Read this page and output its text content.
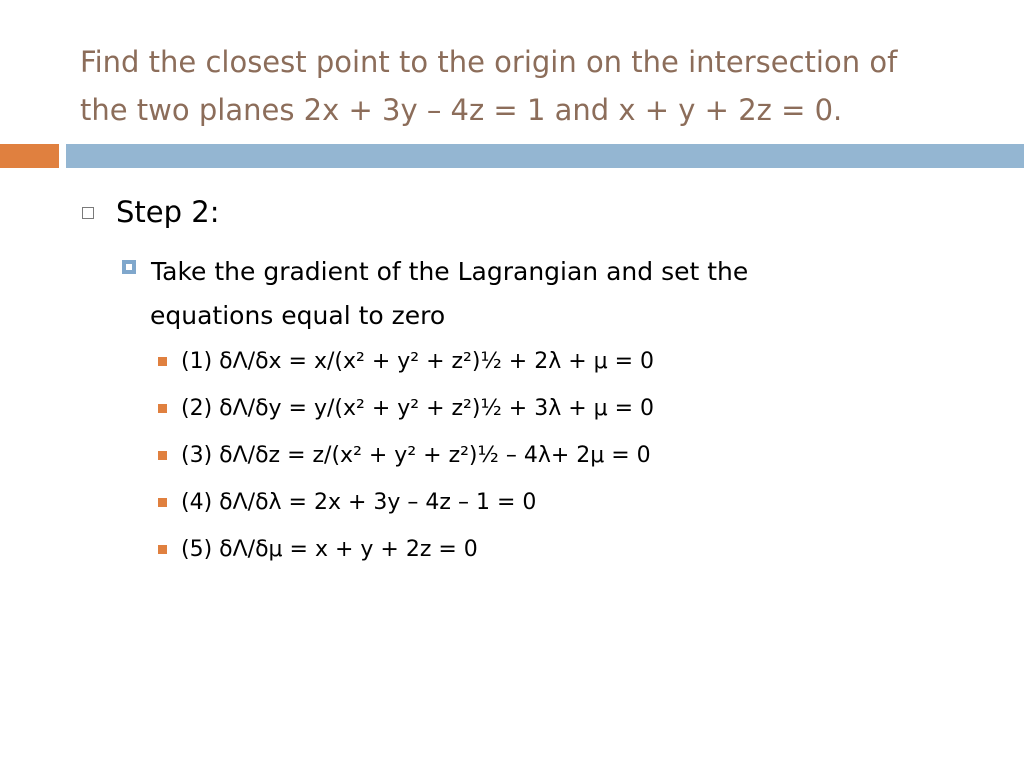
Find the closest point to the origin on the intersection of
the two planes 2x + 3y – 4z = 1 and x + y + 2z = 0.
Step 2:
Take the gradient of the Lagrangian and set the
equations equal to zero
(1) δΛ/δx = x/(x² + y² + z²)½ + 2λ + μ = 0
(2) δΛ/δy = y/(x² + y² + z²)½ + 3λ + μ = 0
(3) δΛ/δz = z/(x² + y² + z²)½ – 4λ+ 2μ = 0
(4) δΛ/δλ = 2x + 3y – 4z – 1 = 0
(5) δΛ/δμ = x + y + 2z = 0
